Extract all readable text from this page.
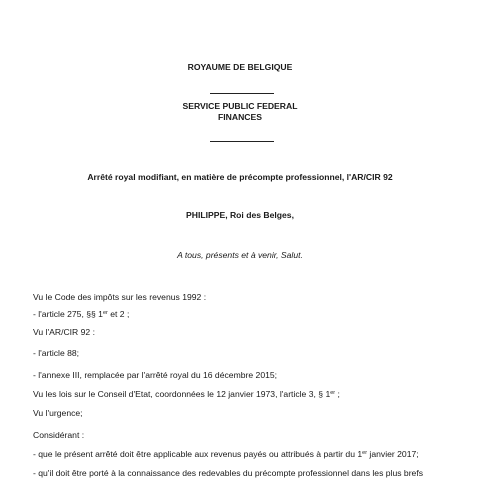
ROYAUME DE BELGIQUE
SERVICE PUBLIC FEDERAL
FINANCES
Arrêté royal modifiant, en matière de précompte professionnel, l'AR/CIR 92
PHILIPPE, Roi des Belges,
A tous, présents et à venir, Salut.
Vu le Code des impôts sur les revenus 1992 :
- l'article 275, §§ 1er et 2 ;
Vu l'AR/CIR 92 :
- l'article 88;
- l'annexe III, remplacée par l'arrêté royal du 16 décembre 2015;
Vu les lois sur le Conseil d'Etat, coordonnées le 12 janvier 1973, l'article 3, § 1er ;
Vu l'urgence;
Considérant :
- que le présent arrêté doit être applicable aux revenus payés ou attribués à partir du 1er janvier 2017;
- qu'il doit être porté à la connaissance des redevables du précompte professionnel dans les plus brefs
